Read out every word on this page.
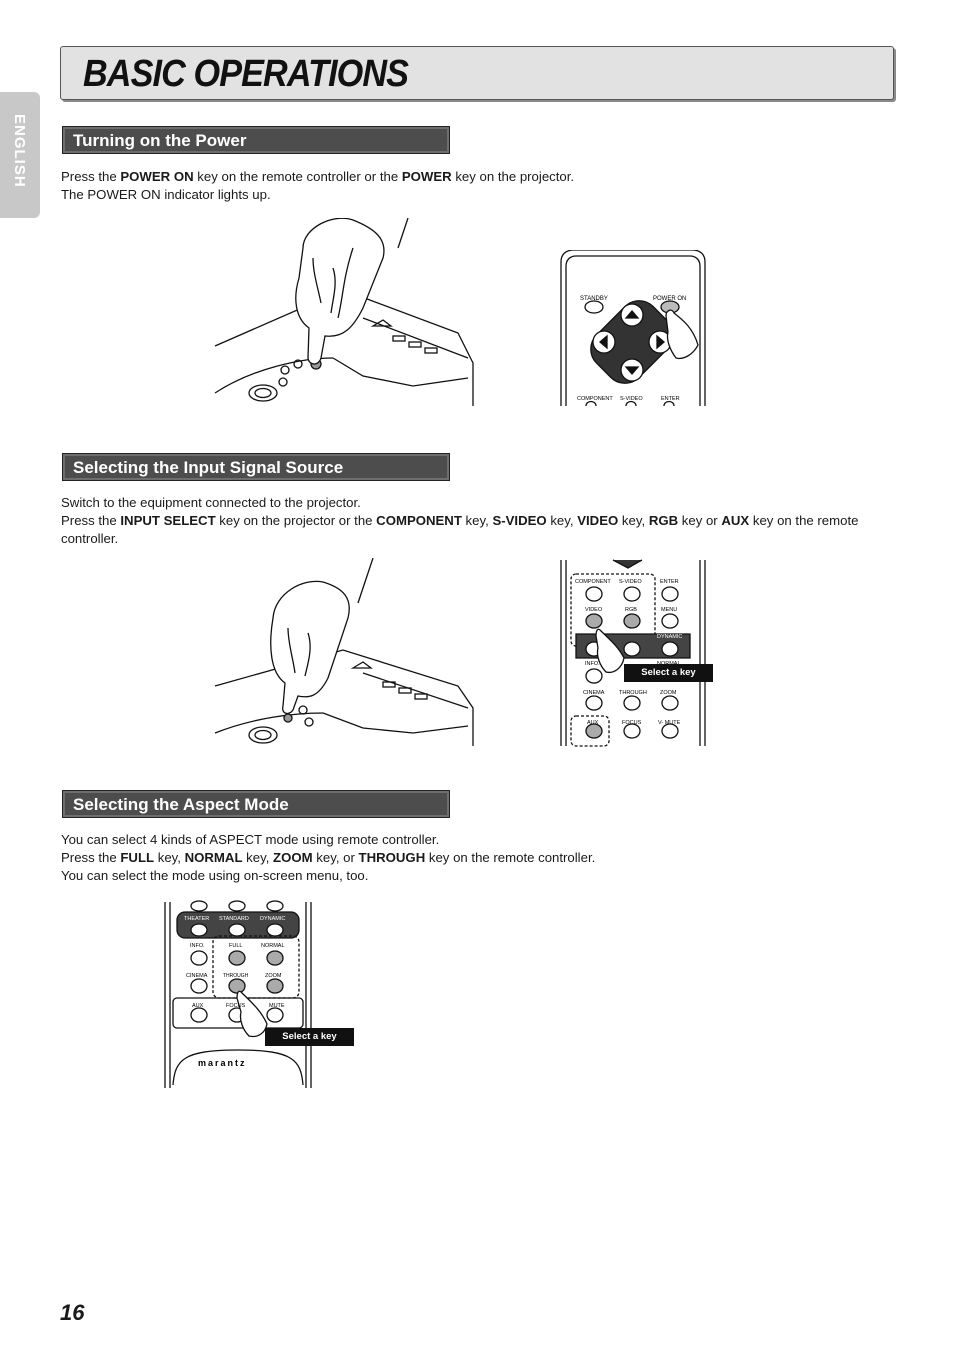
BASIC OPERATIONS
ENGLISH	Turning on the Power
Press the POWER ON key on the remote controller or the POWER key on the projector.
The POWER ON indicator lights up.
STANDBY	POWER ON
COMPONENT S-VIDEO	ENTER
Selecting the Input Signal Source
Switch to the equipment connected to the projector.
Press the INPUT SELECT key on the projector or the COMPONENT key, S-VIDEO key, VIDEO key, RGB key or AUX key on the remote controller.
COMPONENT S-VIDEO	ENTER
VIDEO	RGB	MENU
DYNAMIC
INFO.
CINEMA	THROUGH ZOOM
AUX	FOCUS	V- MUTE
Select a key
Selecting the Aspect Mode
You can select 4 kinds of ASPECT mode using remote controller.
Press the FULL key, NORMAL key, ZOOM key, or THROUGH key on the remote controller.
You can select the mode using on-screen menu, too.
THEATER STANDARD DYNAMIC
INFO.	FULL	NORMAL
CINEMA	THROUGH	ZOOM
AUX	FOCUS	MUTE
marantz
Select a key
16
